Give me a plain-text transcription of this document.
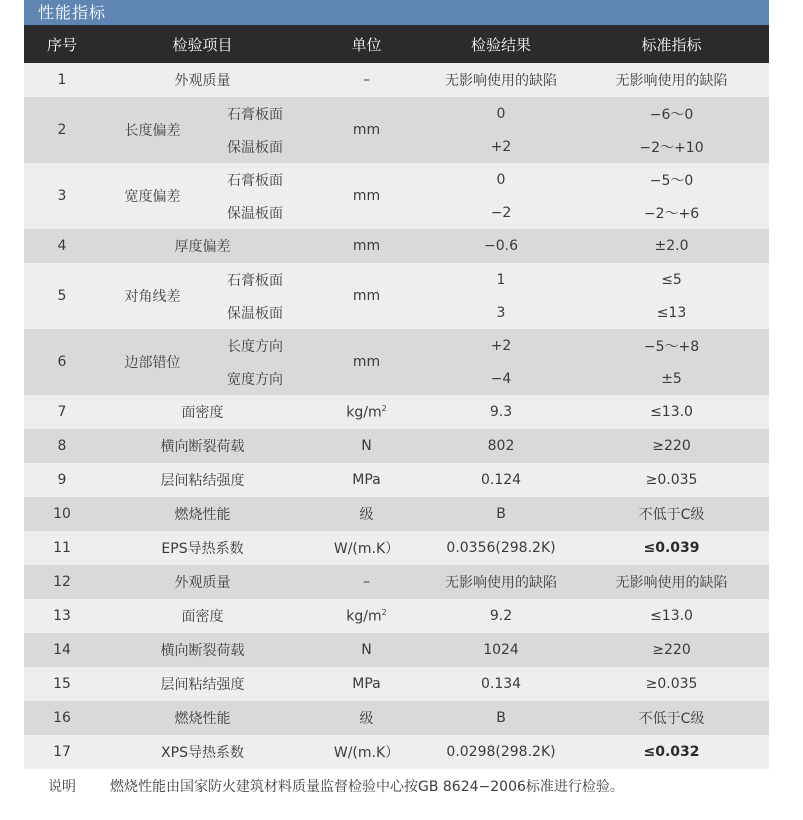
性能指标
序号	检验项目		单位	检验结果	标准指标
1	外观质量		–	无影响使用的缺陷	无影响使用的缺陷
2	长度偏差	石膏板面	mm	0	−6～0
		保温板面		+2	−2～+10
3	宽度偏差	石膏板面	mm	0	−5～0
		保温板面		−2	−2～+6
4	厚度偏差		mm	−0.6	±2.0
5	对角线差	石膏板面	mm	1	≤5
		保温板面		3	≤13
6	边部错位	长度方向	mm	+2	−5～+8
		宽度方向		−4	±5
7	面密度		$kg/m^2$	9.3	≤13.0
8	横向断裂荷载		N	802	≥220
9	层间粘结强度		MPa	0.124	≥0.035
10	燃烧性能		级	B	不低于C级
11	EPS导热系数		W/(m.K）	0.0356(298.2K)	≤0.039
12	外观质量		–	无影响使用的缺陷	无影响使用的缺陷
13	面密度		$kg/m^2$	9.2	≤13.0
14	横向断裂荷载		N	1024	≥220
15	层间粘结强度		MPa	0.134	≥0.035
16	燃烧性能		级	B	不低于C级
17	XPS导热系数		W/(m.K）	0.0298(298.2K)	≤0.032
说明	燃烧性能由国家防火建筑材料质量监督检验中心按GB 8624−2006标准进行检验。				
